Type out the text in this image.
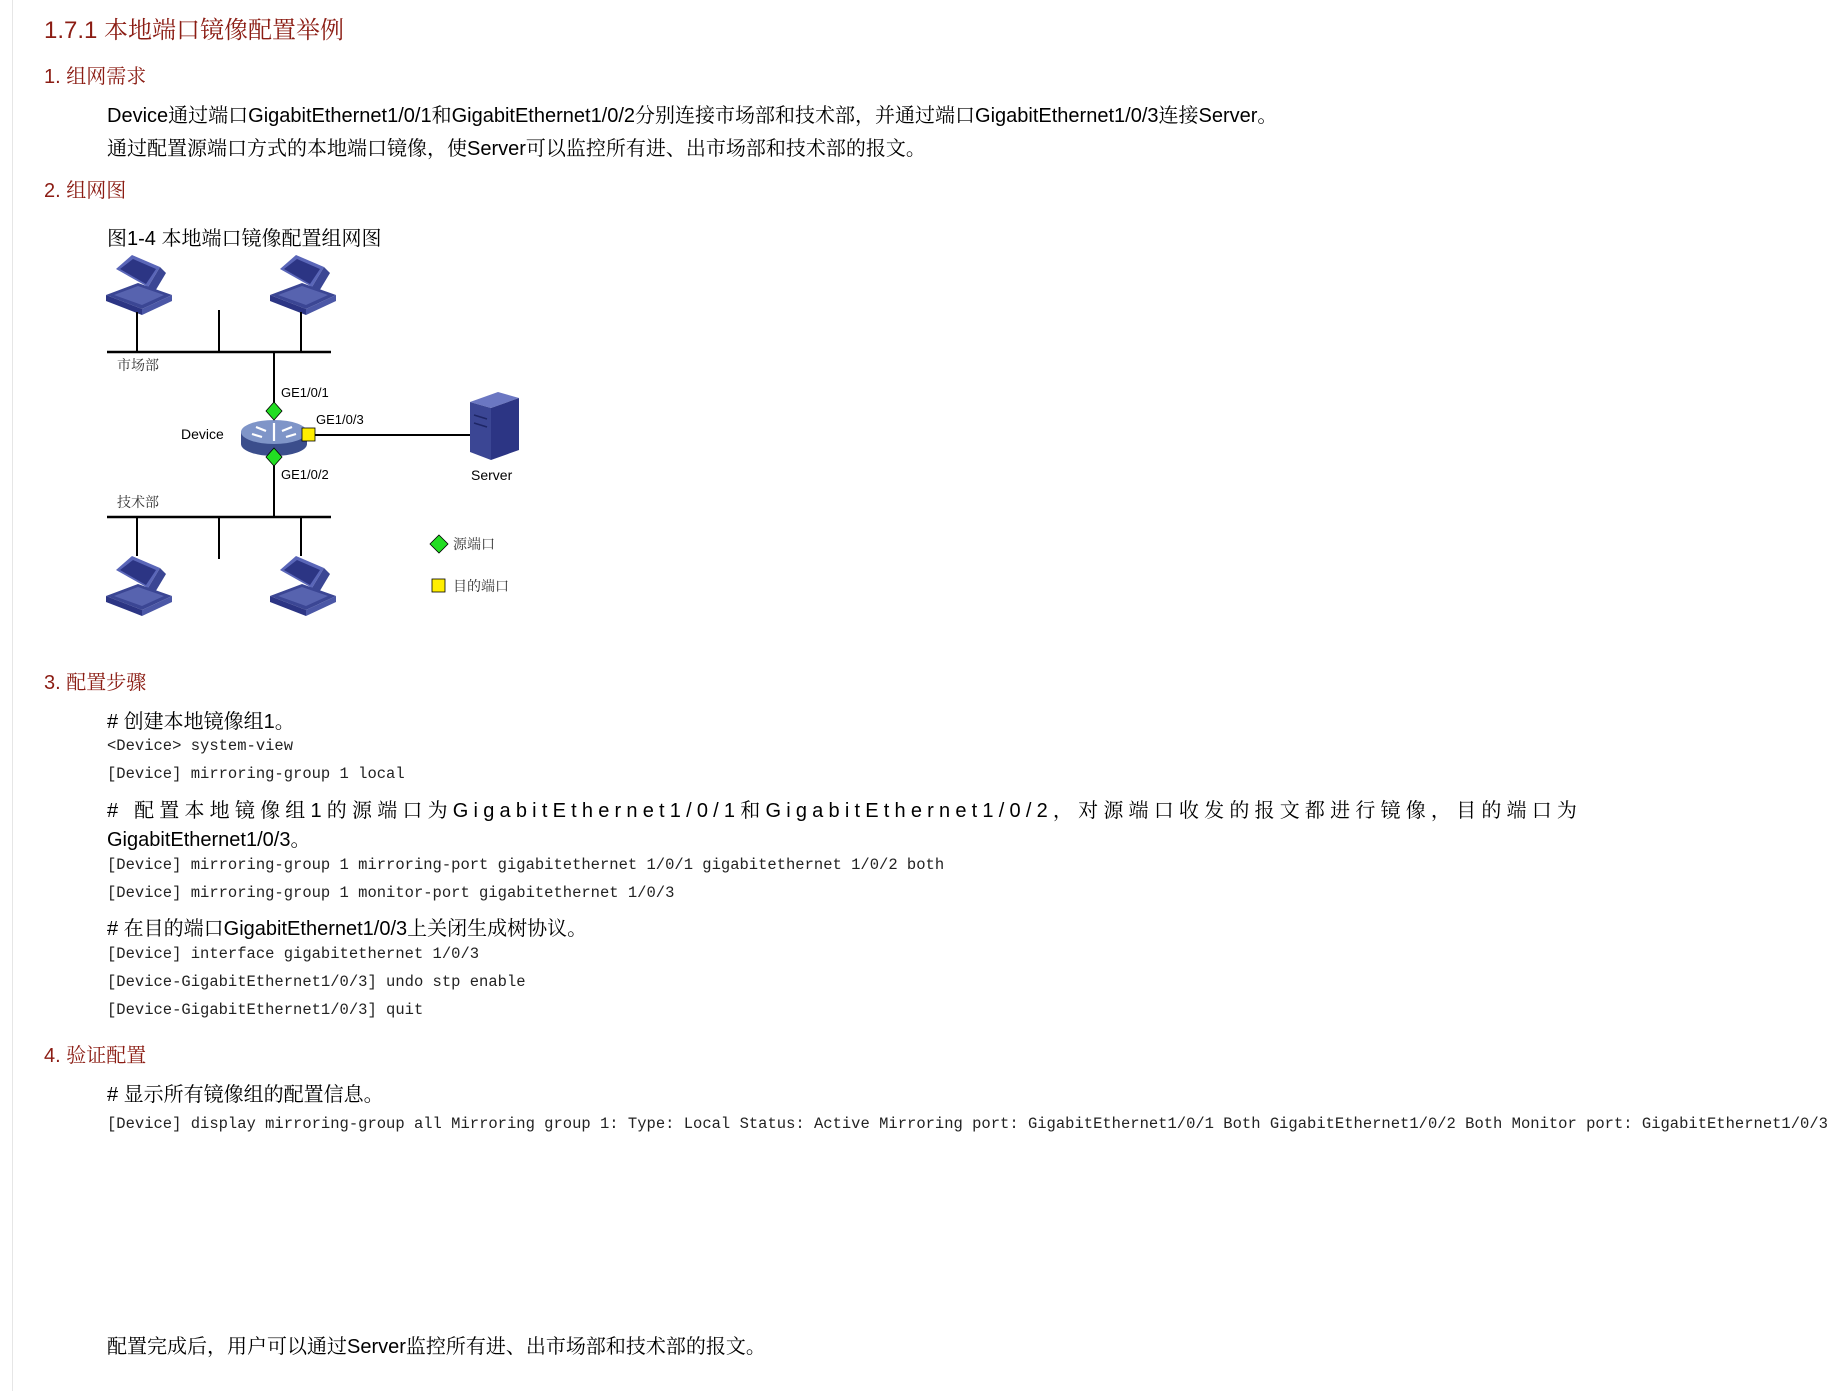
1.7.1 本地端口镜像配置举例
1. 组网需求
Device通过端口GigabitEthernet1/0/1和GigabitEthernet1/0/2分别连接市场部和技术部，并通过端口GigabitEthernet1/0/3连接Server。
通过配置源端口方式的本地端口镜像，使Server可以监控所有进、出市场部和技术部的报文。
2. 组网图
图1-4 本地端口镜像配置组网图
市场部
Device
GE1/0/1
GE1/0/3
GE1/0/2	Server
技术部
源端口
目的端口
3. 配置步骤
# 创建本地镜像组1。
<Device> system-view
[Device] mirroring-group 1 local
# 配置本地镜像组1的源端口为GigabitEthernet1/0/1和GigabitEthernet1/0/2，对源端口收发的报文都进行镜像，目的端口为
GigabitEthernet1/0/3。
[Device] mirroring-group 1 mirroring-port gigabitethernet 1/0/1 gigabitethernet 1/0/2 both
[Device] mirroring-group 1 monitor-port gigabitethernet 1/0/3
# 在目的端口GigabitEthernet1/0/3上关闭生成树协议。
[Device] interface gigabitethernet 1/0/3
[Device-GigabitEthernet1/0/3] undo stp enable
[Device-GigabitEthernet1/0/3] quit
4. 验证配置
# 显示所有镜像组的配置信息。
[Device] display mirroring-group all Mirroring group 1: Type: Local Status: Active Mirroring port: GigabitEthernet1/0/1 Both GigabitEthernet1/0/2 Both Monitor port: GigabitEthernet1/0/3
配置完成后，用户可以通过Server监控所有进、出市场部和技术部的报文。
